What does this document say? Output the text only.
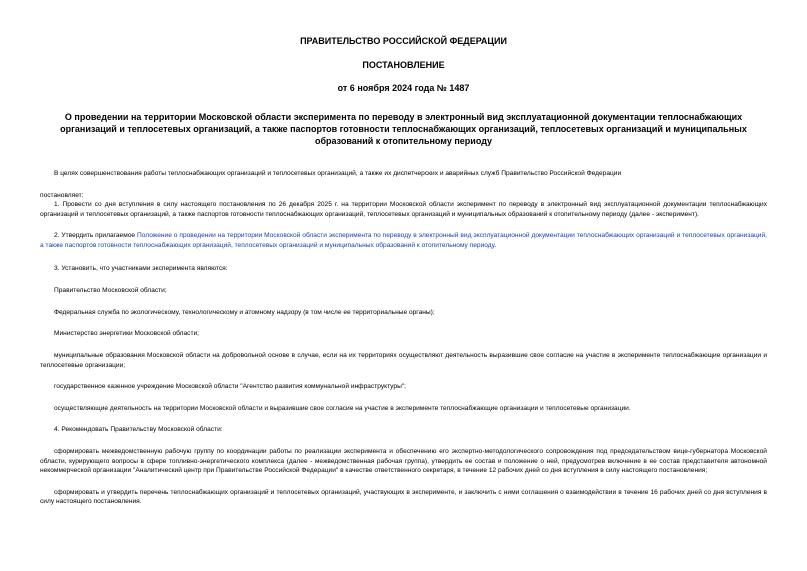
ПРАВИТЕЛЬСТВО РОССИЙСКОЙ ФЕДЕРАЦИИ

ПОСТАНОВЛЕНИЕ

от 6 ноября 2024 года № 1487

О проведении на территории Московской области эксперимента по переводу в электронный вид эксплуатационной документации теплоснабжающих организаций и теплосетевых организаций, а также паспортов готовности теплоснабжающих организаций, теплосетевых организаций и муниципальных образований к отопительному периоду

В целях совершенствования работы теплоснабжающих организаций и теплосетевых организаций, а также их диспетчерских и аварийных служб Правительство Российской Федерации

постановляет:

1. Провести со дня вступления в силу настоящего постановления по 26 декабря 2025 г. на территории Московской области эксперимент по переводу в электронный вид эксплуатационной документации теплоснабжающих организаций и теплосетевых организаций, а также паспортов готовности теплоснабжающих организаций, теплосетевых организаций и муниципальных образований к отопительному периоду (далее - эксперимент).

2. Утвердить прилагаемое Положение о проведении на территории Московской области эксперимента по переводу в электронный вид эксплуатационной документации теплоснабжающих организаций и теплосетевых организаций, а также паспортов готовности теплоснабжающих организаций, теплосетевых организаций и муниципальных образований к отопительному периоду.

3. Установить, что участниками эксперимента являются:

Правительство Московской области;

Федеральная служба по экологическому, технологическому и атомному надзору (в том числе ее территориальные органы);

Министерство энергетики Московской области;

муниципальные образования Московской области на добровольной основе в случае, если на их территориях осуществляют деятельность выразившие свое согласие на участие в эксперименте теплоснабжающие организации и теплосетевые организации;

государственное казенное учреждение Московской области "Агентство развития коммунальной инфраструктуры";

осуществляющие деятельность на территории Московской области и выразившие свое согласие на участие в эксперименте теплоснабжающие организации и теплосетевые организации.

4. Рекомендовать Правительству Московской области:

сформировать межведомственную рабочую группу по координации работы по реализации эксперимента и обеспечению его экспертно-методологического сопровождения под председательством вице-губернатора Московской области, курирующего вопросы в сфере топливно-энергетического комплекса (далее - межведомственная рабочая группа), утвердить ее состав и положение о ней, предусмотрев включение в ее состав представителя автономной некоммерческой организации "Аналитический центр при Правительстве Российской Федерации" в качестве ответственного секретаря, в течение 12 рабочих дней со дня вступления в силу настоящего постановления;

сформировать и утвердить перечень теплоснабжающих организаций и теплосетевых организаций, участвующих в эксперименте, и заключить с ними соглашения о взаимодействии в течение 16 рабочих дней со дня вступления в силу настоящего постановления.
